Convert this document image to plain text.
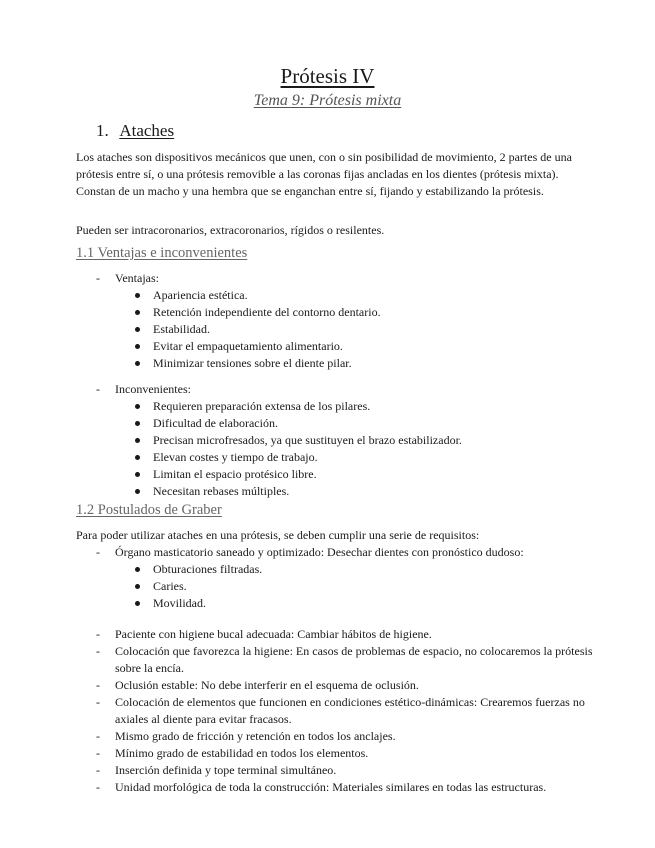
Prótesis IV
Tema 9: Prótesis mixta
1. Ataches

Los ataches son dispositivos mecánicos que unen, con o sin posibilidad de movimiento, 2 partes de una prótesis entre sí, o una prótesis removible a las coronas fijas ancladas en los dientes (prótesis mixta). Constan de un macho y una hembra que se enganchan entre sí, fijando y estabilizando la prótesis.

Pueden ser intracoronarios, extracoronarios, rígidos o resilentes.

1.1 Ventajas e inconvenientes
- Ventajas:
Apariencia estética.
Retención independiente del contorno dentario.
Estabilidad.
Evitar el empaquetamiento alimentario.
Minimizar tensiones sobre el diente pilar.
- Inconvenientes:
Requieren preparación extensa de los pilares.
Dificultad de elaboración.
Precisan microfresados, ya que sustituyen el brazo estabilizador.
Elevan costes y tiempo de trabajo.
Limitan el espacio protésico libre.
Necesitan rebases múltiples.
1.2 Postulados de Graber

Para poder utilizar ataches en una prótesis, se deben cumplir una serie de requisitos:

- Órgano masticatorio saneado y optimizado: Desechar dientes con pronóstico dudoso:
Obturaciones filtradas.
Caries.
Movilidad.
- Paciente con higiene bucal adecuada: Cambiar hábitos de higiene.
- Colocación que favorezca la higiene: En casos de problemas de espacio, no colocaremos la prótesis sobre la encía.
- Oclusión estable: No debe interferir en el esquema de oclusión.
- Colocación de elementos que funcionen en condiciones estético-dinámicas: Crearemos fuerzas no axiales al diente para evitar fracasos.
- Mismo grado de fricción y retención en todos los anclajes.
- Mínimo grado de estabilidad en todos los elementos.
- Inserción definida y tope terminal simultáneo.
- Unidad morfológica de toda la construcción: Materiales similares en todas las estructuras.
